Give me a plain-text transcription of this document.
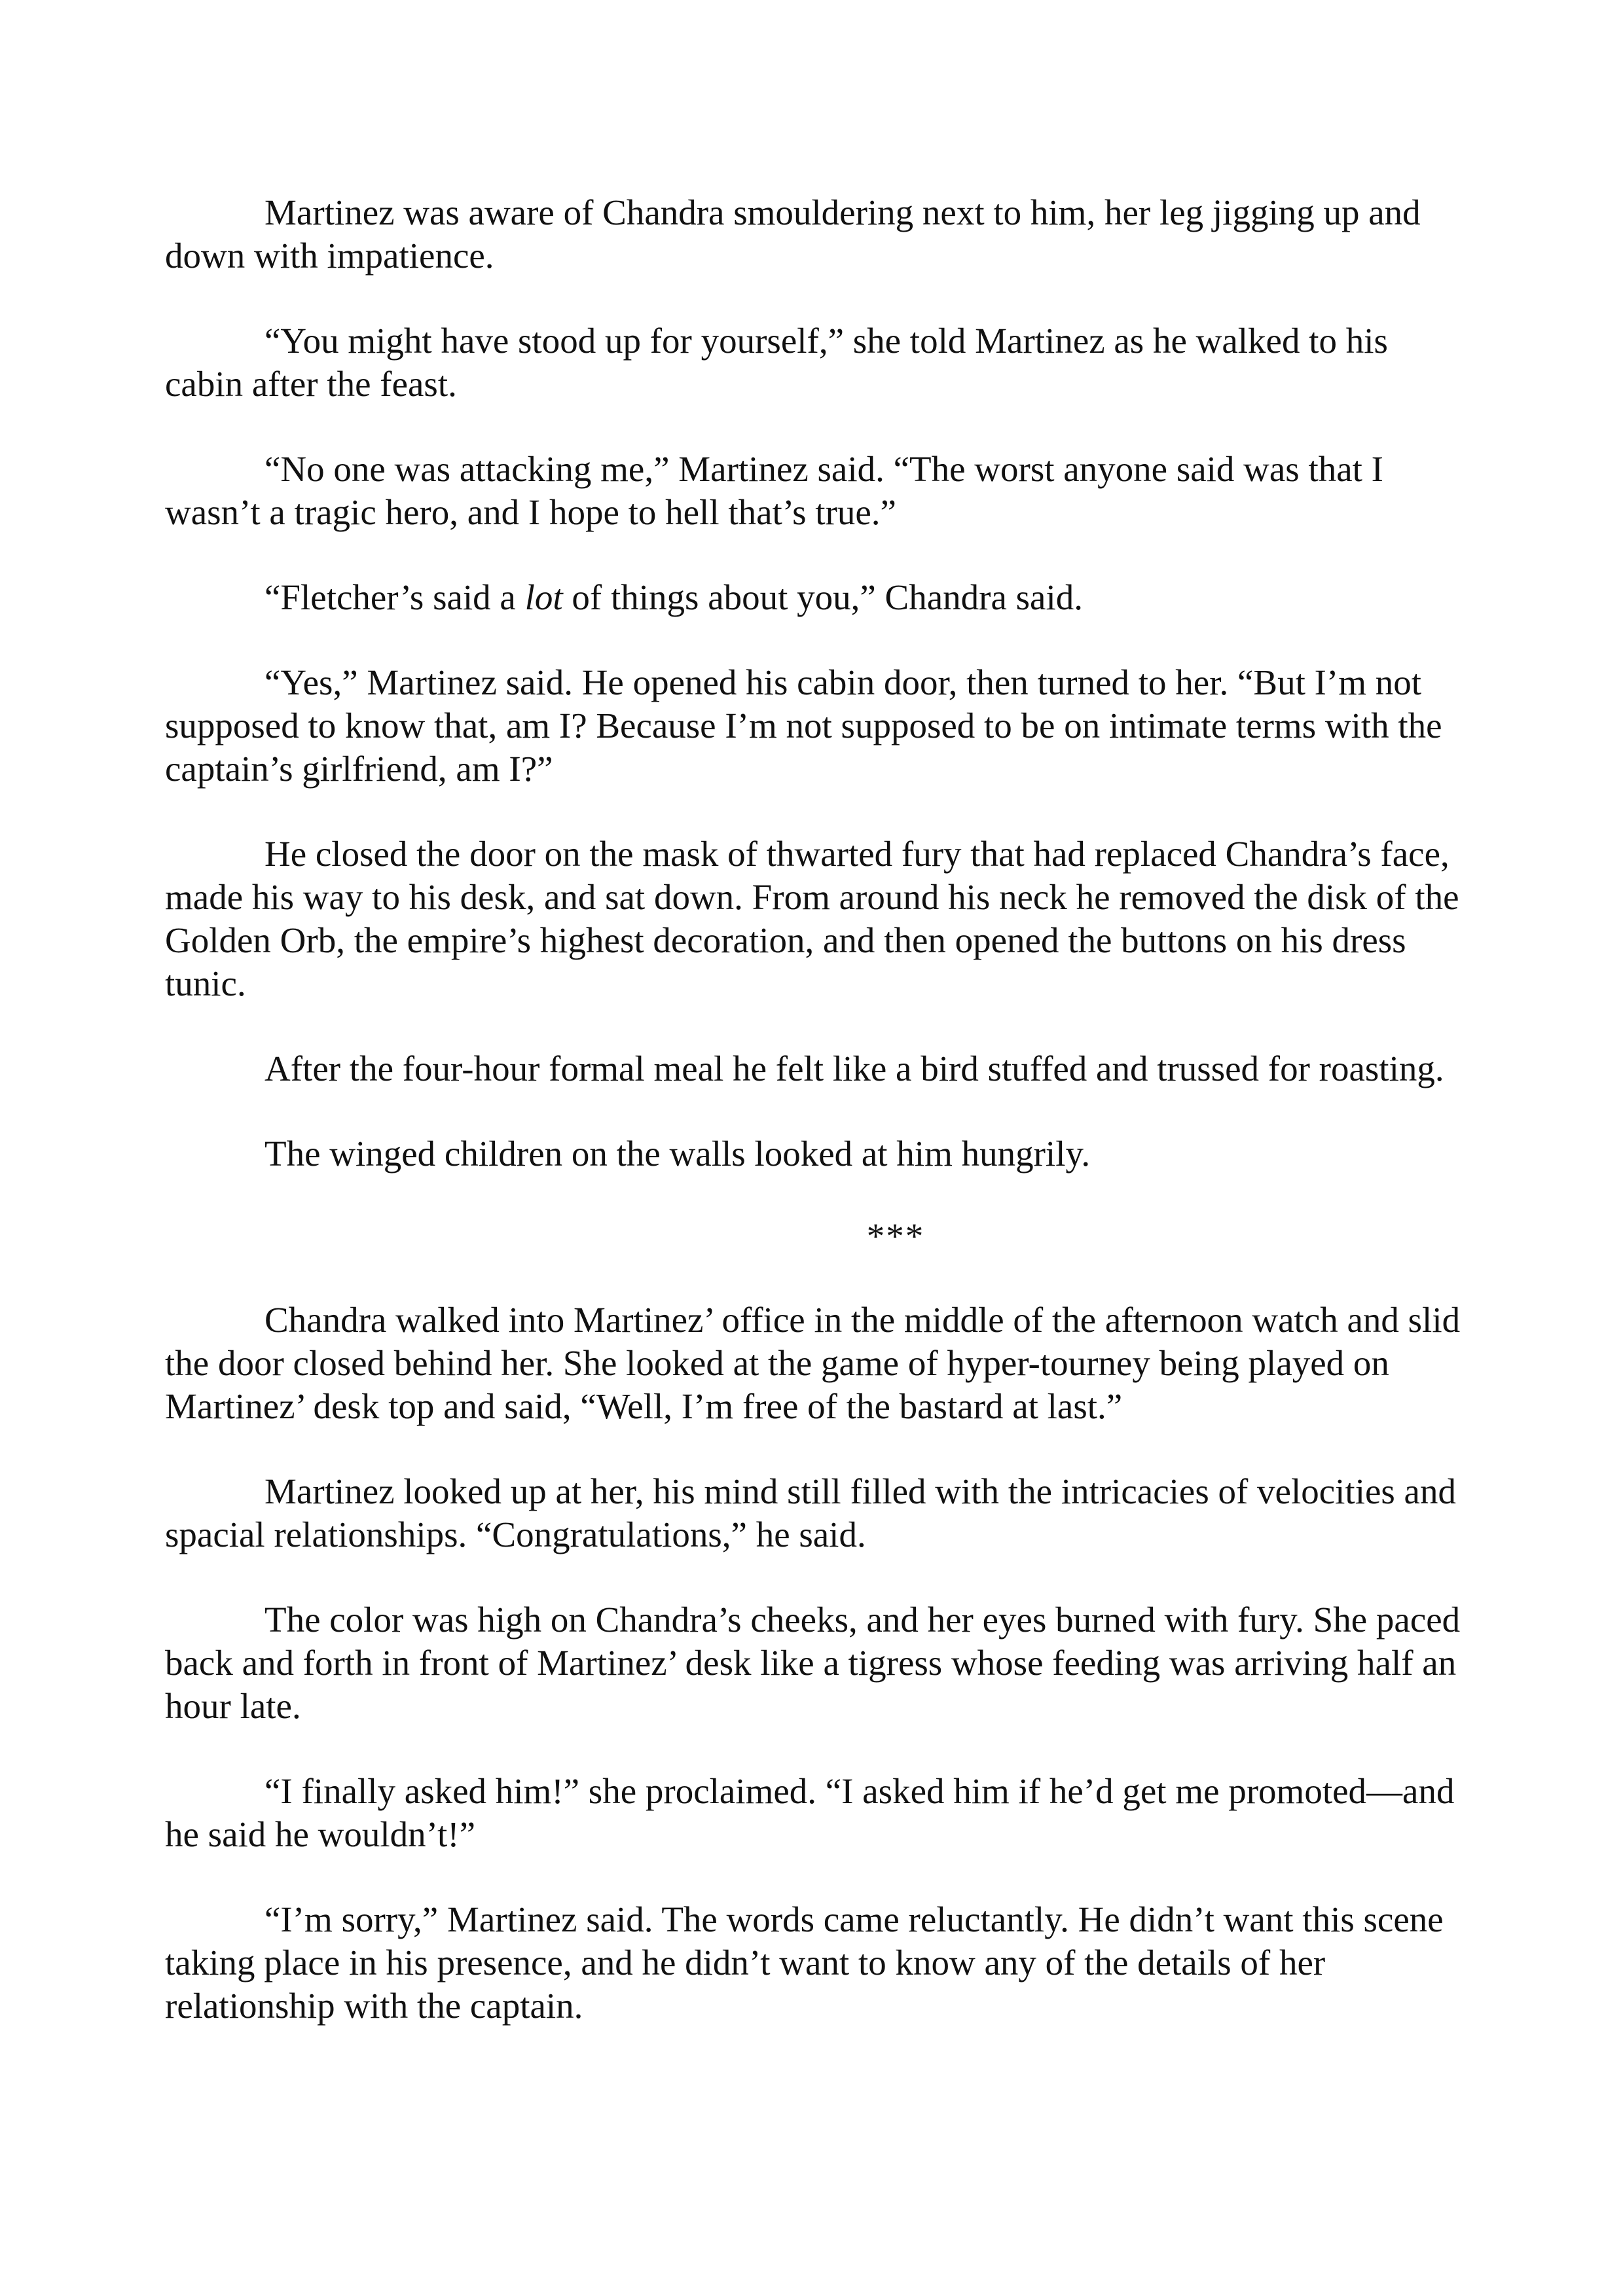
Martinez was aware of Chandra smouldering next to him, her leg jigging up and down with impatience.

“You might have stood up for yourself,” she told Martinez as he walked to his cabin after the feast.

“No one was attacking me,” Martinez said. “The worst anyone said was that I wasn’t a tragic hero, and I hope to hell that’s true.”

“Fletcher’s said a lot of things about you,” Chandra said.

“Yes,” Martinez said. He opened his cabin door, then turned to her. “But I’m not supposed to know that, am I? Because I’m not supposed to be on intimate terms with the captain’s girlfriend, am I?”

He closed the door on the mask of thwarted fury that had replaced Chandra’s face, made his way to his desk, and sat down. From around his neck he removed the disk of the Golden Orb, the empire’s highest decoration, and then opened the buttons on his dress tunic.

After the four-hour formal meal he felt like a bird stuffed and trussed for roasting.

The winged children on the walls looked at him hungrily.

***

Chandra walked into Martinez’ office in the middle of the afternoon watch and slid the door closed behind her. She looked at the game of hyper-tourney being played on Martinez’ desk top and said, “Well, I’m free of the bastard at last.”

Martinez looked up at her, his mind still filled with the intricacies of velocities and spacial relationships. “Congratulations,” he said.

The color was high on Chandra’s cheeks, and her eyes burned with fury. She paced back and forth in front of Martinez’ desk like a tigress whose feeding was arriving half an hour late.

“I finally asked him!” she proclaimed. “I asked him if he’d get me promoted—and he said he wouldn’t!”

“I’m sorry,” Martinez said. The words came reluctantly. He didn’t want this scene taking place in his presence, and he didn’t want to know any of the details of her relationship with the captain.
